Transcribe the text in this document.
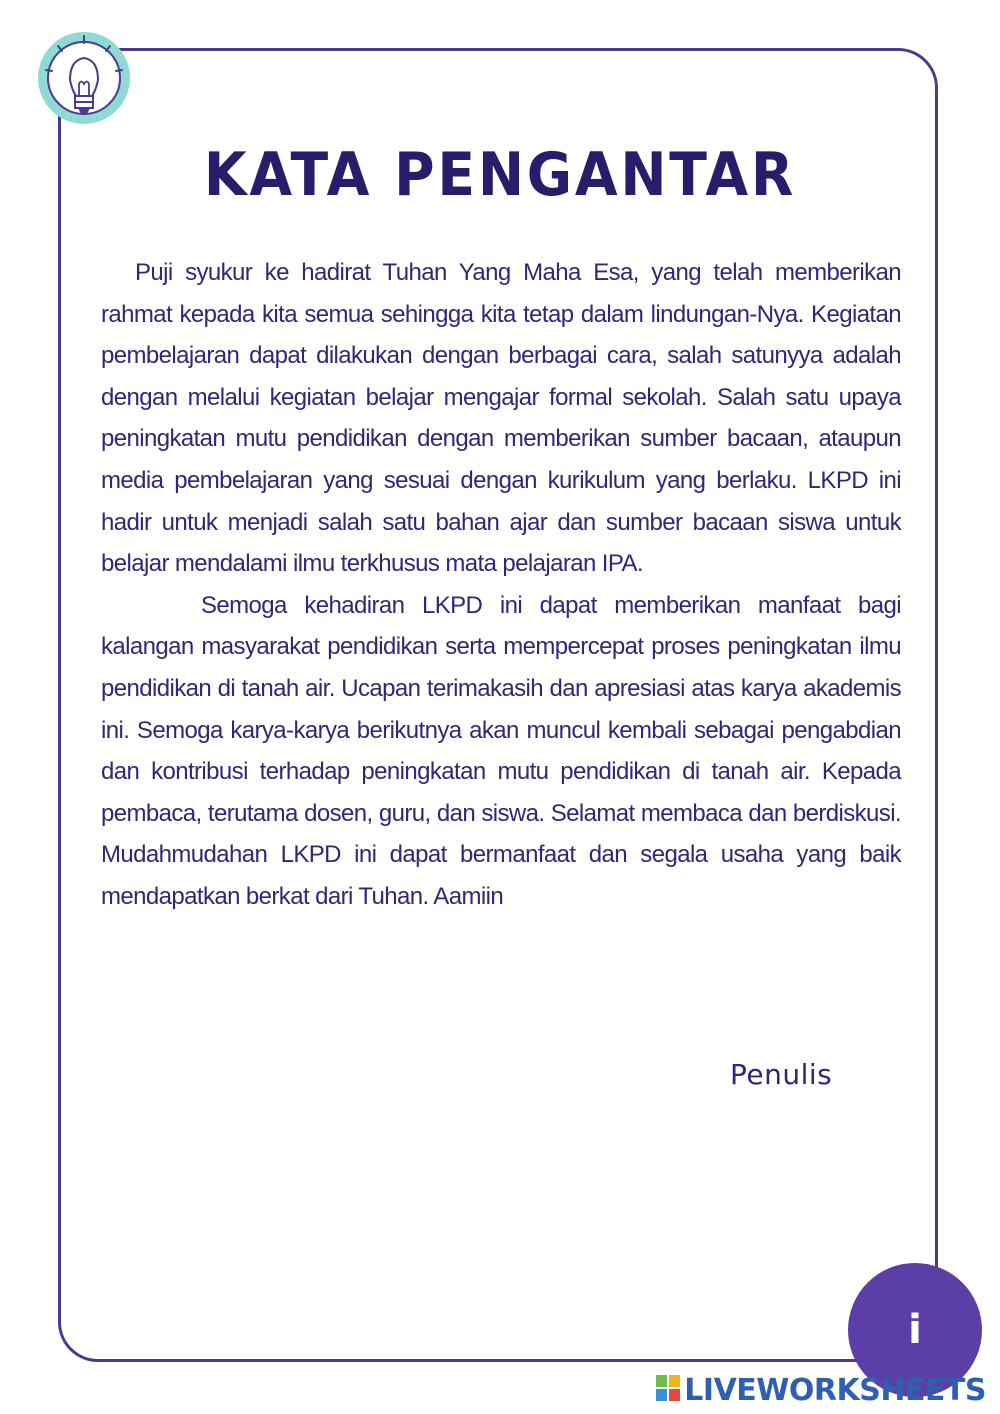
KATA PENGANTAR

Puji syukur ke hadirat Tuhan Yang Maha Esa, yang telah memberikan rahmat kepada kita semua sehingga kita tetap dalam lindungan-Nya. Kegiatan pembelajaran dapat dilakukan dengan berbagai cara, salah satunyya adalah dengan melalui kegiatan belajar mengajar formal sekolah. Salah satu upaya peningkatan mutu pendidikan dengan memberikan sumber bacaan, ataupun media pembelajaran yang sesuai dengan kurikulum yang berlaku. LKPD ini hadir untuk menjadi salah satu bahan ajar dan sumber bacaan siswa untuk belajar mendalami ilmu terkhusus mata pelajaran IPA.

Semoga kehadiran LKPD ini dapat memberikan manfaat bagi kalangan masyarakat pendidikan serta mempercepat proses peningkatan ilmu pendidikan di tanah air. Ucapan terimakasih dan apresiasi atas karya akademis ini. Semoga karya-karya berikutnya akan muncul kembali sebagai pengabdian dan kontribusi terhadap peningkatan mutu pendidikan di tanah air. Kepada pembaca, terutama dosen, guru, dan siswa. Selamat membaca dan berdiskusi. Mudahmudahan LKPD ini dapat bermanfaat dan segala usaha yang baik mendapatkan berkat dari Tuhan. Aamiin

Penulis
i
LIVEWORKSHEETS
